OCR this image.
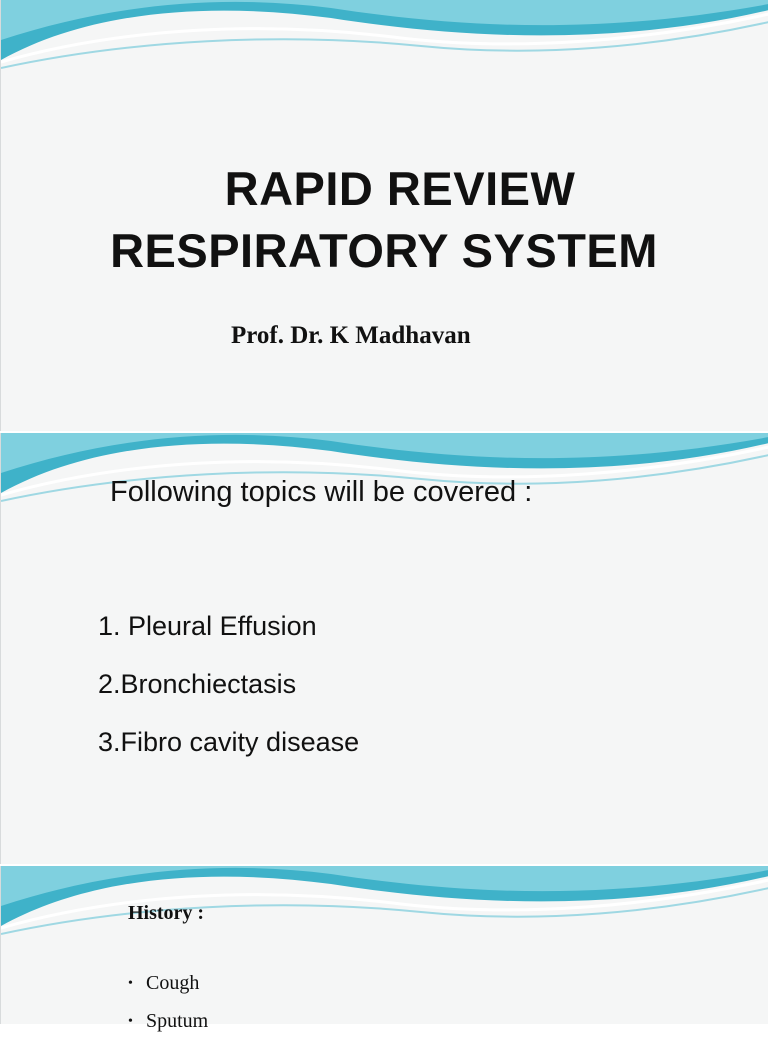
RAPID REVIEW
RESPIRATORY SYSTEM
Prof. Dr. K Madhavan
Following topics will be covered :
1. Pleural Effusion
2.Bronchiectasis
3.Fibro cavity disease
History :
• Cough
• Sputum
